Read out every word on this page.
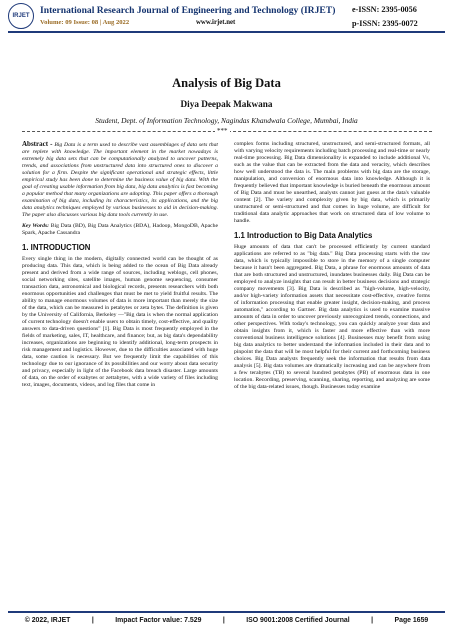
IRJET International Research Journal of Engineering and Technology (IRJET) e-ISSN: 2395-0056
Volume: 09 Issue: 08 | Aug 2022	www.irjet.net	p-ISSN: 2395-0072
Analysis of Big Data
Diya Deepak Makwana
Student, Dept. of Information Technology, Nagindas Khandwala College, Mumbai, India
***

Abstract - Big Data is a term used to describe vast assemblages of data sets that are replete with knowledge. The important element in the market nowadays is extremely big data sets that can be computationally analyzed to uncover patterns, trends, and associations from unstructured data into structured ones to discover a solution for a firm. Despite the significant operational and strategic effects, little empirical study has been done to determine the business value of big data. With the goal of creating usable information from big data, big data analytics is fast becoming a popular method that many organizations are adopting. This paper offers a thorough examination of big data, including its characteristics, its applications, and the big data analytics techniques employed by various businesses to aid in decision-making. The paper also discusses various big data tools currently in use.

Key Words: Big Data (BD), Big Data Analytics (BDA), Hadoop, MongoDB, Apache Spark, Apache Cassandra

1. INTRODUCTION

Every single thing in the modern, digitally connected world can be thought of as producing data. This data, which is being added to the ocean of Big Data already present and derived from a wide range of sources, including weblogs, cell phones, social networking sites, satellite images, human genome sequencing, consumer transaction data, astronomical and biological records, presents researchers with both enormous opportunities and challenges that must be met to yield fruitful results. The ability to manage enormous volumes of data is more important than merely the size of the data, which can be measured in petabytes or zeta bytes. The definition is given by the University of California, Berkeley —"Big data is when the normal application of current technology doesn't enable users to obtain timely, cost-effective, and quality answers to data-driven questions" [1]. Big Data is most frequently employed in the fields of marketing, sales, IT, healthcare, and finance; but, as big data's dependability increases, organizations are beginning to identify additional, long-term prospects in risk management and logistics. However, due to the difficulties associated with huge data, some caution is necessary. But we frequently limit the capabilities of this technology due to our ignorance of its possibilities and our worry about data security and privacy, especially in light of the Facebook data breach disaster. Large amounts of data, on the order of exabytes or zettabytes, with a wide variety of files including text, images, documents, videos, and log files that come in

complex forms including structured, unstructured, and semi-structured formats, all with varying velocity requirements including batch processing and real-time or nearly real-time processing. Big Data dimensionality is expanded to include additional Vs, such as the value that can be extracted from the data and veracity, which describes how well understood the data is. The main problems with big data are the storage, manipulation, and conversion of enormous data into knowledge. Although it is frequently believed that important knowledge is buried beneath the enormous amount of Big Data and must be unearthed, analysts cannot just guess at the data's valuable content [2]. The variety and complexity given by big data, which is primarily unstructured or semi-structured and that comes in huge volume, are difficult for traditional data analytic approaches that work on structured data of low volume to handle.

1.1 Introduction to Big Data Analytics

Huge amounts of data that can't be processed efficiently by current standard applications are referred to as "big data." Big Data processing starts with the raw data, which is typically impossible to store in the memory of a single computer because it hasn't been aggregated. Big Data, a phrase for enormous amounts of data that are both structured and unstructured, inundates businesses daily. Big Data can be employed to analyze insights that can result in better business decisions and strategic company movements [3]. Big Data is described as "high-volume, high-velocity, and/or high-variety information assets that necessitate cost-effective, creative forms of information processing that enable greater insight, decision-making, and process automation," according to Gartner. Big data analytics is used to examine massive amounts of data in order to uncover previously unrecognized trends, connections, and other perspectives. With today's technology, you can quickly analyze your data and obtain insights from it, which is faster and more effective than with more conventional business intelligence solutions [4]. Businesses may benefit from using big data analytics to better understand the information included in their data and to pinpoint the data that will be most helpful for their current and forthcoming business choices. Big Data analysts frequently seek the information that results from data analysis [5]. Big data volumes are dramatically increasing and can be anywhere from a few terabytes (TB) to several hundred petabytes (PB) of enormous data in one location. Recording, preserving, scanning, sharing, reporting, and analyzing are some of the big data-related issues, though. Businesses today examine

© 2022, IRJET	|	Impact Factor value: 7.529	|	ISO 9001:2008 Certified Journal	|	Page 1659
